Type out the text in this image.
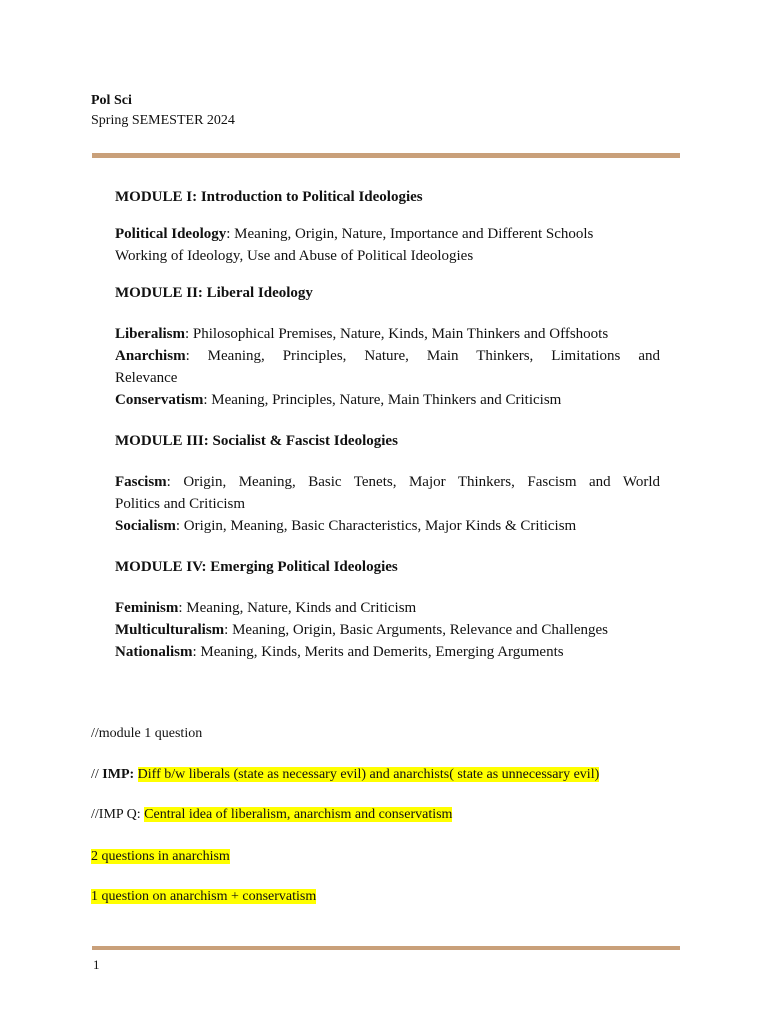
Pol Sci
Spring SEMESTER 2024

MODULE I: Introduction to Political Ideologies

Political Ideology: Meaning, Origin, Nature, Importance and Different Schools

Working of Ideology, Use and Abuse of Political Ideologies

MODULE II: Liberal Ideology

Liberalism: Philosophical Premises, Nature, Kinds, Main Thinkers and Offshoots

Anarchism: Meaning, Principles, Nature, Main Thinkers, Limitations and

Relevance

Conservatism: Meaning, Principles, Nature, Main Thinkers and Criticism

MODULE III: Socialist & Fascist Ideologies

Fascism: Origin, Meaning, Basic Tenets, Major Thinkers, Fascism and World

Politics and Criticism

Socialism: Origin, Meaning, Basic Characteristics, Major Kinds & Criticism

MODULE IV: Emerging Political Ideologies

Feminism: Meaning, Nature, Kinds and Criticism

Multiculturalism: Meaning, Origin, Basic Arguments, Relevance and Challenges

Nationalism: Meaning, Kinds, Merits and Demerits, Emerging Arguments

//module 1 question
// IMP: Diff b/w liberals (state as necessary evil) and anarchists( state as unnecessary evil)
//IMP Q: Central idea of liberalism, anarchism and conservatism
2 questions in anarchism
1 question on anarchism + conservatism
1
